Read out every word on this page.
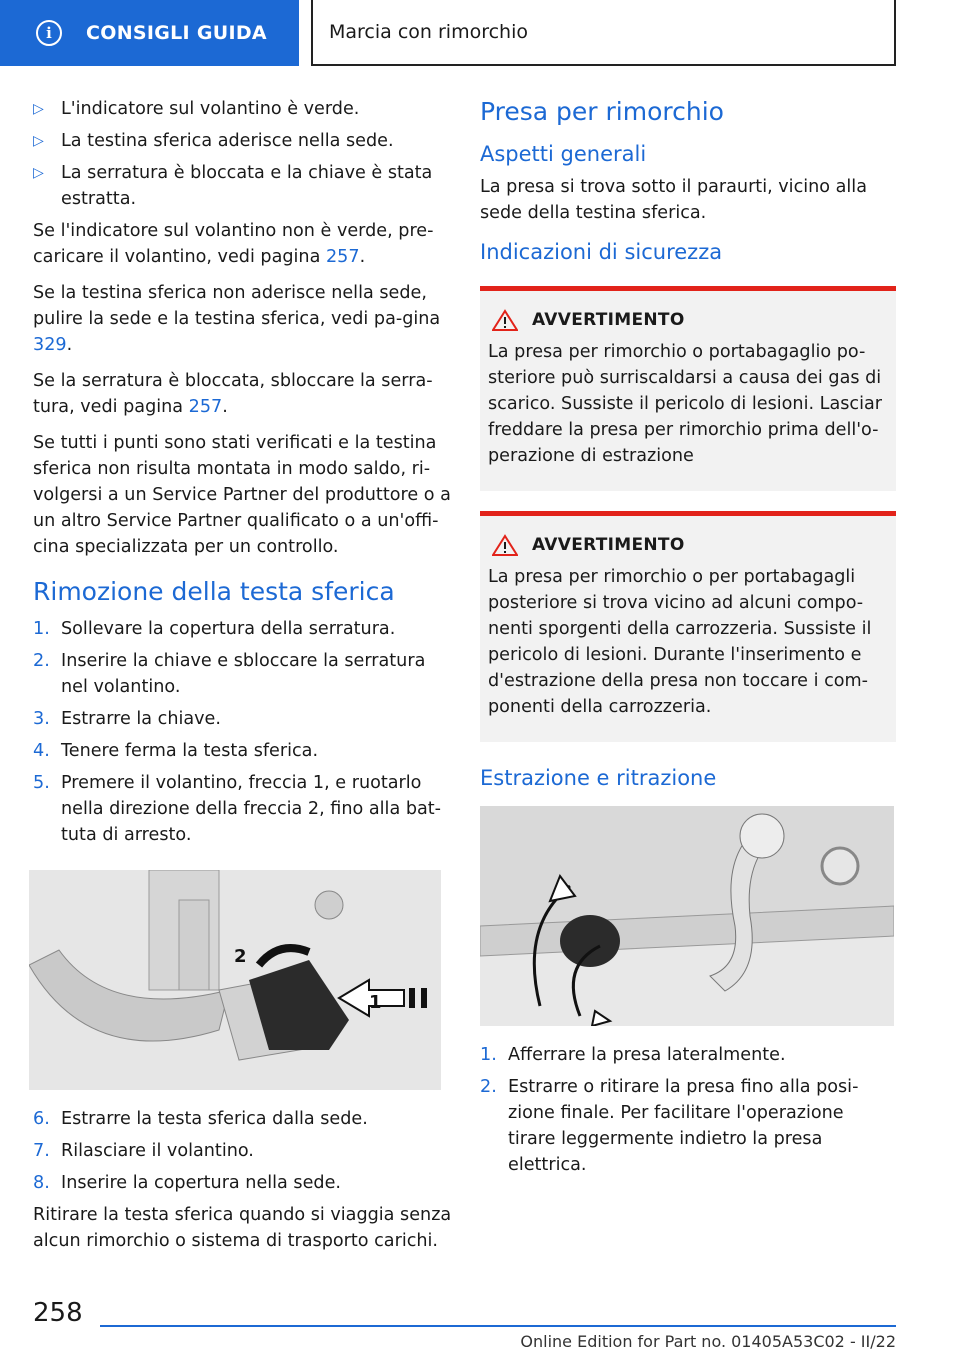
i	CONSIGLI GUIDA	Marcia con rimorchio
▷ L'indicatore sul volantino è verde.
▷ La testina sferica aderisce nella sede.
▷ La serratura è bloccata e la chiave è stata estratta.

Se l'indicatore sul volantino non è verde, pre-caricare il volantino, vedi pagina 257.

Se la testina sferica non aderisce nella sede, pulire la sede e la testina sferica, vedi pa-gina 329.

Se la serratura è bloccata, sbloccare la serra-tura, vedi pagina 257.

Se tutti i punti sono stati verificati e la testina sferica non risulta montata in modo saldo, ri-volgersi a un Service Partner del produttore o a un altro Service Partner qualificato o a un'offi-cina specializzata per un controllo.

Rimozione della testa sferica
1. Sollevare la copertura della serratura.
2. Inserire la chiave e sbloccare la serratura nel volantino.
3. Estrarre la chiave.
4. Tenere ferma la testa sferica.
5. Premere il volantino, freccia 1, e ruotarlo nella direzione della freccia 2, fino alla bat-tuta di arresto.
2
1
6. Estrarre la testa sferica dalla sede.
7. Rilasciare il volantino.
8. Inserire la copertura nella sede.

Ritirare la testa sferica quando si viaggia senza alcun rimorchio o sistema di trasporto carichi.

Presa per rimorchio
Aspetti generali

La presa si trova sotto il paraurti, vicino alla sede della testina sferica.

Indicazioni di sicurezza
AVVERTIMENTO

La presa per rimorchio o portabagaglio po-steriore può surriscaldarsi a causa dei gas di scarico. Sussiste il pericolo di lesioni. Lasciar freddare la presa per rimorchio prima dell'o-perazione di estrazione

AVVERTIMENTO

La presa per rimorchio o per portabagagli posteriore si trova vicino ad alcuni compo-nenti sporgenti della carrozzeria. Sussiste il pericolo di lesioni. Durante l'inserimento e d'estrazione della presa non toccare i com-ponenti della carrozzeria.

Estrazione e ritrazione
1. Afferrare la presa lateralmente.
2. Estrarre o ritirare la presa fino alla posi-zione finale. Per facilitare l'operazione tirare leggermente indietro la presa elettrica.
258
Online Edition for Part no. 01405A53C02 - II/22
